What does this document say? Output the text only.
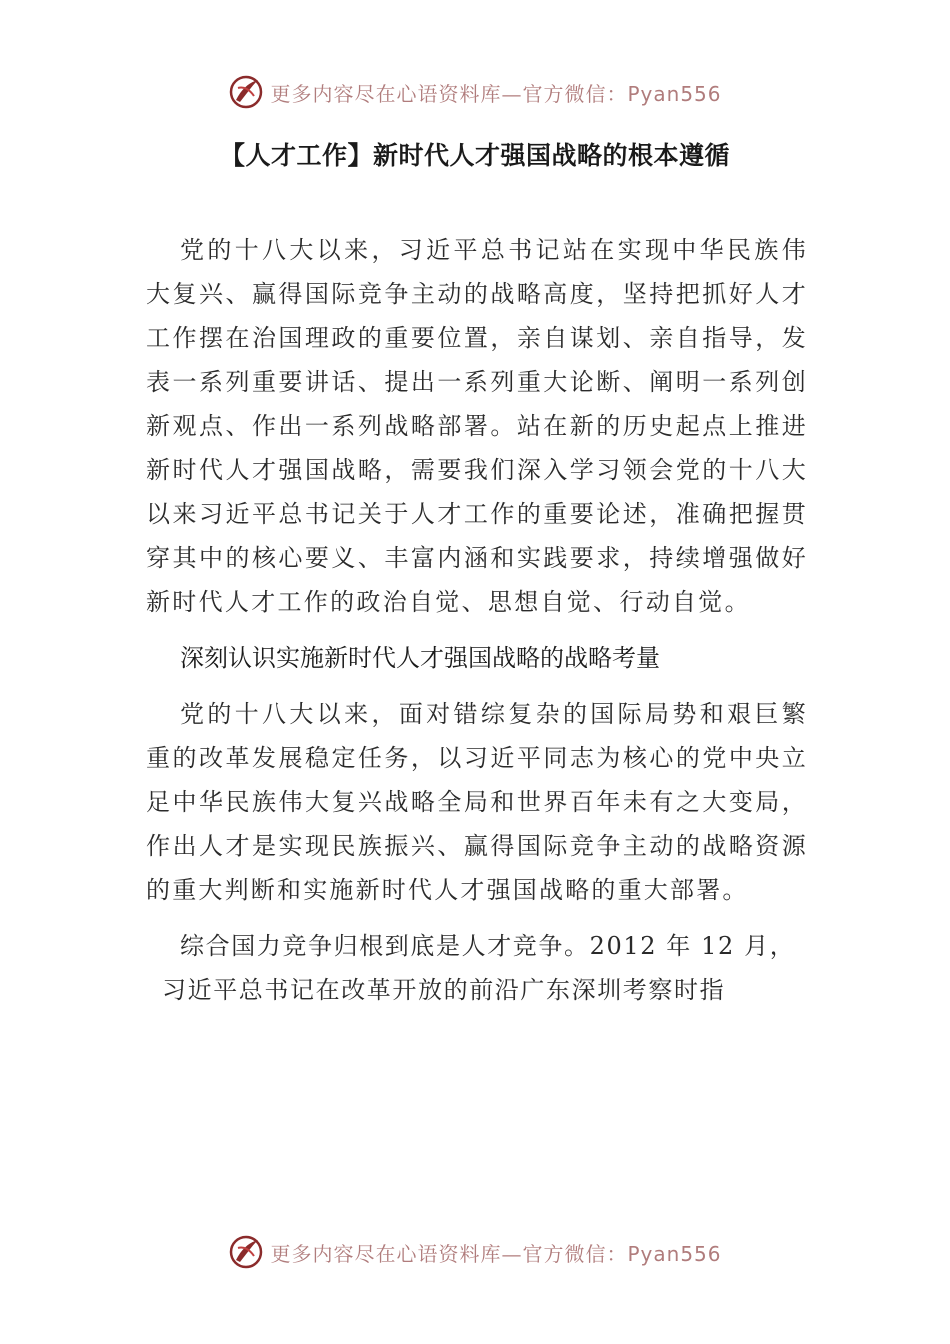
更多内容尽在心语资料库—官方微信：Pyan556
【人才工作】新时代人才强国战略的根本遵循

党的十八大以来，习近平总书记站在实现中华民族伟大复兴、赢得国际竞争主动的战略高度，坚持把抓好人才工作摆在治国理政的重要位置，亲自谋划、亲自指导，发表一系列重要讲话、提出一系列重大论断、阐明一系列创新观点、作出一系列战略部署。站在新的历史起点上推进新时代人才强国战略，需要我们深入学习领会党的十八大以来习近平总书记关于人才工作的重要论述，准确把握贯穿其中的核心要义、丰富内涵和实践要求，持续增强做好新时代人才工作的政治自觉、思想自觉、行动自觉。

深刻认识实施新时代人才强国战略的战略考量

党的十八大以来，面对错综复杂的国际局势和艰巨繁重的改革发展稳定任务，以习近平同志为核心的党中央立足中华民族伟大复兴战略全局和世界百年未有之大变局，作出人才是实现民族振兴、赢得国际竞争主动的战略资源的重大判断和实施新时代人才强国战略的重大部署。

综合国力竞争归根到底是人才竞争。2012 年 12 月，
习近平总书记在改革开放的前沿广东深圳考察时指

更多内容尽在心语资料库—官方微信：Pyan556
